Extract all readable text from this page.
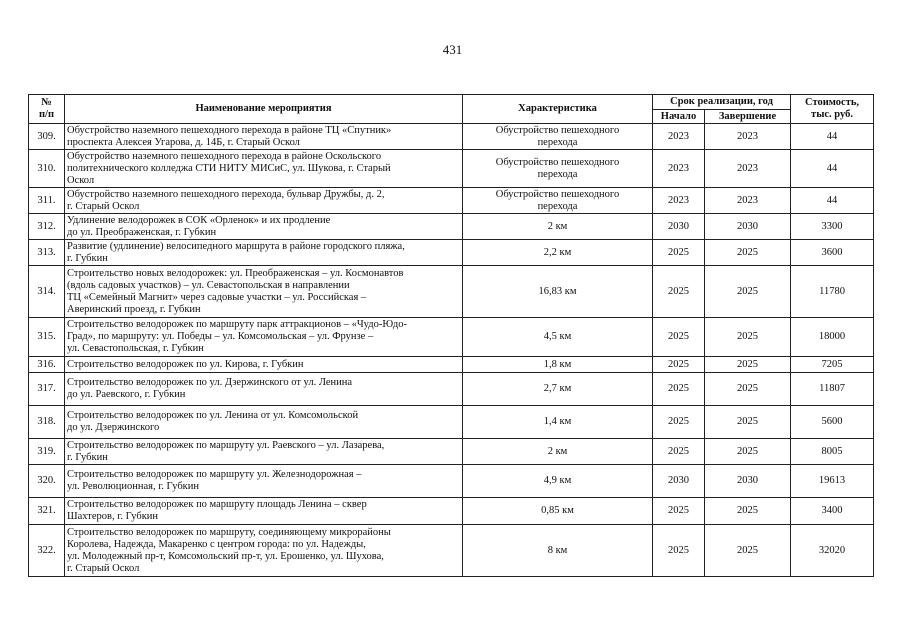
431
№
п/п	Наименование мероприятия	Характеристика	Срок реализации, год		Стоимость,
тыс. руб.

			Начало	Завершение	
309.	Обустройство наземного пешеходного перехода в районе ТЦ «Спутник»
проспекта Алексея Угарова, д. 14Б, г. Старый Оскол	Обустройство пешеходного
перехода	2023	2023	44
310.	Обустройство наземного пешеходного перехода в районе Оскольского
политехнического колледжа СТИ НИТУ МИСиС, ул. Шукова, г. Старый
Оскол	Обустройство пешеходного
перехода	2023	2023	44
311.	Обустройство наземного пешеходного перехода, бульвар Дружбы, д. 2,
г. Старый Оскол	Обустройство пешеходного
перехода	2023	2023	44
312.	Удлинение велодорожек в СОК «Орленок» и их продление
до ул. Преображенская, г. Губкин	2 км	2030	2030	3300
313.	Развитие (удлинение) велосипедного маршрута в районе городского пляжа,
г. Губкин	2,2 км	2025	2025	3600
314.	Строительство новых велодорожек: ул. Преображенская – ул. Космонавтов
(вдоль садовых участков) – ул. Севастопольская в направлении
ТЦ «Семейный Магнит» через садовые участки – ул. Российская –
Аверинский проезд, г. Губкин	16,83 км	2025	2025	11780
315.	Строительство велодорожек по маршруту парк аттракционов – «Чудо-Юдо-
Град», по маршруту: ул. Победы – ул. Комсомольская – ул. Фрунзе –
ул. Севастопольская, г. Губкин	4,5 км	2025	2025	18000
316.	Строительство велодорожек по ул. Кирова, г. Губкин	1,8 км	2025	2025	7205
317.	Строительство велодорожек по ул. Дзержинского от ул. Ленина
до ул. Раевского, г. Губкин	2,7 км	2025	2025	11807
318.	Строительство велодорожек по ул. Ленина от ул. Комсомольской
до ул. Дзержинского	1,4 км	2025	2025	5600
319.	Строительство велодорожек по маршруту ул. Раевского – ул. Лазарева,
г. Губкин	2 км	2025	2025	8005
320.	Строительство велодорожек по маршруту ул. Железнодорожная –
ул. Революционная, г. Губкин	4,9 км	2030	2030	19613
321.	Строительство велодорожек по маршруту площадь Ленина – сквер
Шахтеров, г. Губкин	0,85 км	2025	2025	3400
322.	Строительство велодорожек по маршруту, соединяющему микрорайоны
Королева, Надежда, Макаренко с центром города: по ул. Надежды,
ул. Молодежный пр-т, Комсомольский пр-т, ул. Ерошенко, ул. Шухова,
г. Старый Оскол	8 км	2025	2025	32020
